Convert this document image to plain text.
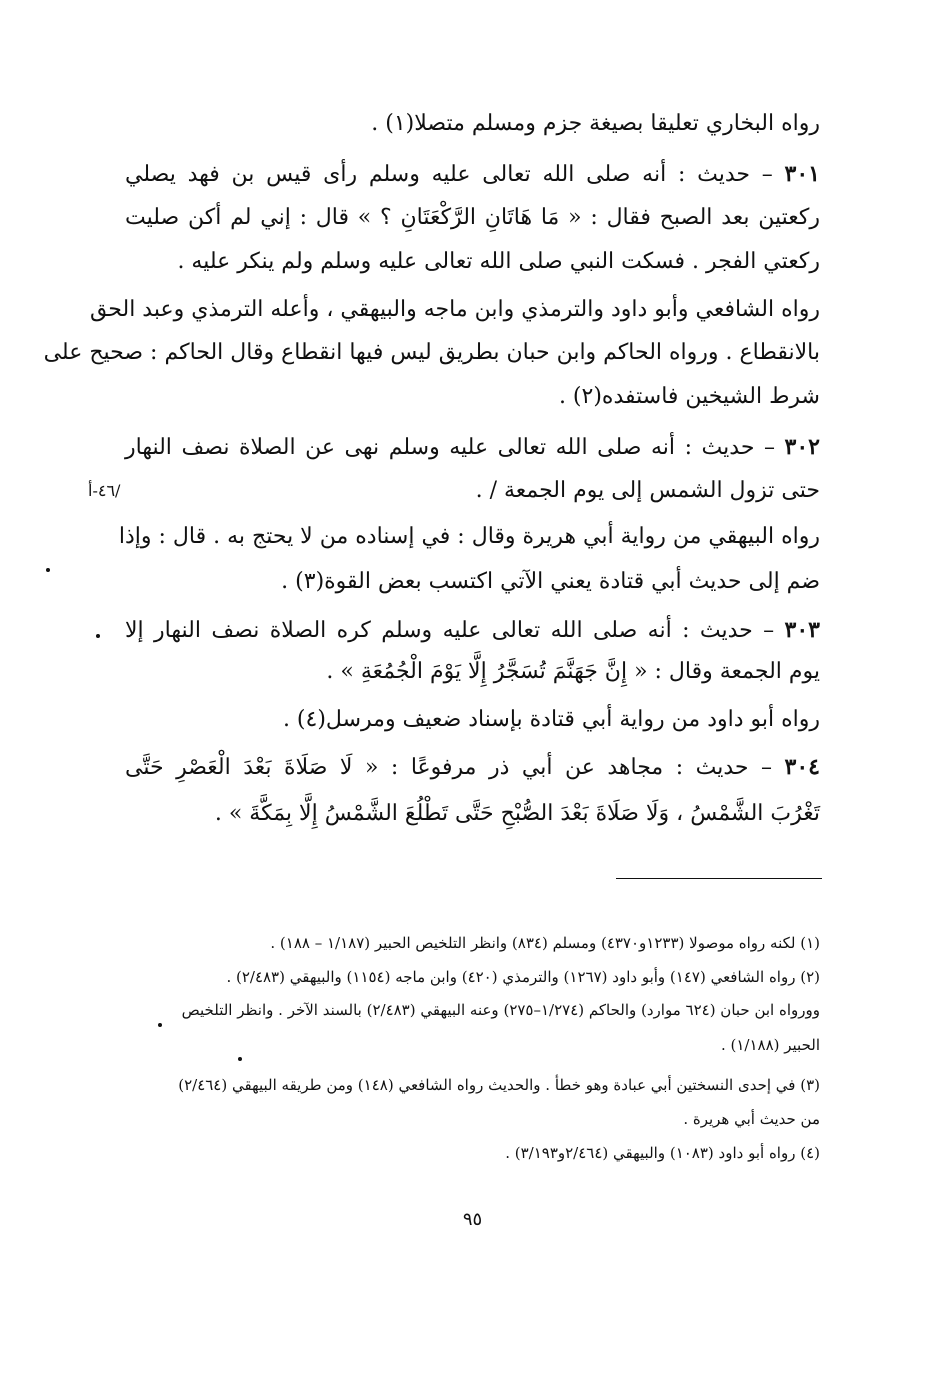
رواه البخاري تعليقا بصيغة جزم ومسلم متصلا(١) .
٣٠١ – حديث : أنه صلى الله تعالى عليه وسلم رأى قيس بن فهد يصلي
ركعتين بعد الصبح فقال : « مَا هَاتَانِ الرَّكْعَتَانِ ؟ » قال : إني لم أكن صليت
ركعتي الفجر . فسكت النبي صلى الله تعالى عليه وسلم ولم ينكر عليه .
رواه الشافعي وأبو داود والترمذي وابن ماجه والبيهقي ، وأعله الترمذي وعبد الحق
بالانقطاع . ورواه الحاكم وابن حبان بطريق ليس فيها انقطاع وقال الحاكم : صحيح على
شرط الشيخين فاستفده(٢) .
٣٠٢ – حديث : أنه صلى الله تعالى عليه وسلم نهى عن الصلاة نصف النهار
حتى تزول الشمس إلى يوم الجمعة / .
رواه البيهقي من رواية أبي هريرة وقال : في إسناده من لا يحتج به . قال : وإذا
ضم إلى حديث أبي قتادة يعني الآتي اكتسب بعض القوة(٣) .
٣٠٣ – حديث : أنه صلى الله تعالى عليه وسلم كره الصلاة نصف النهار إلا
يوم الجمعة وقال : « إِنَّ جَهَنَّمَ تُسَجَّرُ إِلَّا يَوْمَ الْجُمُعَةِ » .
رواه أبو داود من رواية أبي قتادة بإسناد ضعيف ومرسل(٤) .
٣٠٤ – حديث : مجاهد عن أبي ذر مرفوعًا : « لَا صَلَاةَ بَعْدَ الْعَصْرِ حَتَّى
تَغْرُبَ الشَّمْسُ ، وَلَا صَلَاةَ بَعْدَ الصُّبْحِ حَتَّى تَطْلُعَ الشَّمْسُ إِلَّا بِمَكَّةَ » .
/٤٦-أ
(١) لكنه رواه موصولا (١٢٣٣و٤٣٧٠) ومسلم (٨٣٤) وانظر التلخيص الحبير (١/١٨٧ – ١٨٨) .
(٢) رواه الشافعي (١٤٧) وأبو داود (١٢٦٧) والترمذي (٤٢٠) وابن ماجه (١١٥٤) والبيهقي (٢/٤٨٣) .
وورواه ابن حبان (٦٢٤ موارد) والحاكم (١/٢٧٤–٢٧٥) وعنه البيهقي (٢/٤٨٣) بالسند الآخر . وانظر التلخيص
الحبير (١/١٨٨) .
(٣) في إحدى النسختين أبي عبادة وهو خطأ . والحديث رواه الشافعي (١٤٨) ومن طريقه البيهقي (٢/٤٦٤)
من حديث أبي هريرة .
(٤) رواه أبو داود (١٠٨٣) والبيهقي (٢/٤٦٤و٣/١٩٣) .
٩٥
